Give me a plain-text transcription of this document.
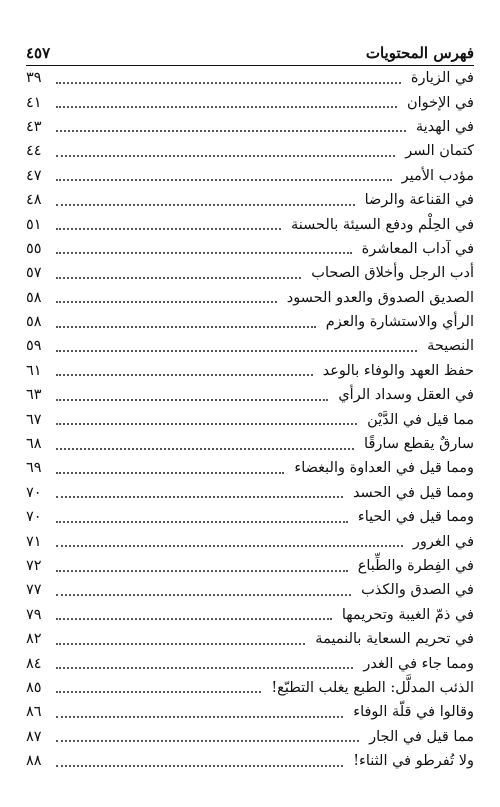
فهرس المحتويات
٤٥٧
في الزيارة
٣٩
في الإخوان
٤١
في الهدية
٤٣
كتمان السر
٤٤
مؤدب الأمير
٤٧
في القناعة والرضا
٤٨
في الحِلْم ودفع السيئة بالحسنة
٥١
في آداب المعاشرة
٥٥
أدب الرجل وأخلاق الصحاب
٥٧
الصديق الصدوق والعدو الحسود
٥٨
الرأي والاستشارة والعزم
٥٨
النصيحة
٥٩
حفظ العهد والوفاء بالوعد
٦١
في العقل وسداد الرأي
٦٣
مما قيل في الدَّيْن
٦٧
سارقٌ يقطع سارقًا
٦٨
ومما قيل في العداوة والبغضاء
٦٩
ومما قيل في الحسد
٧٠
ومما قيل في الحياء
٧٠
في الغرور
٧١
في الفِطرة والطِّباع
٧٢
في الصدق والكذب
٧٧
في ذمّ الغيبة وتحريمها
٧٩
في تحريم السعاية بالنميمة
٨٢
ومما جاء في الغدر
٨٤
الذئب المدلَّل: الطبع يغلب التطبّع!
٨٥
وقالوا في قلّة الوفاء
٨٦
مما قيل في الجار
٨٧
ولا تُفرطو في الثناء!
٨٨
